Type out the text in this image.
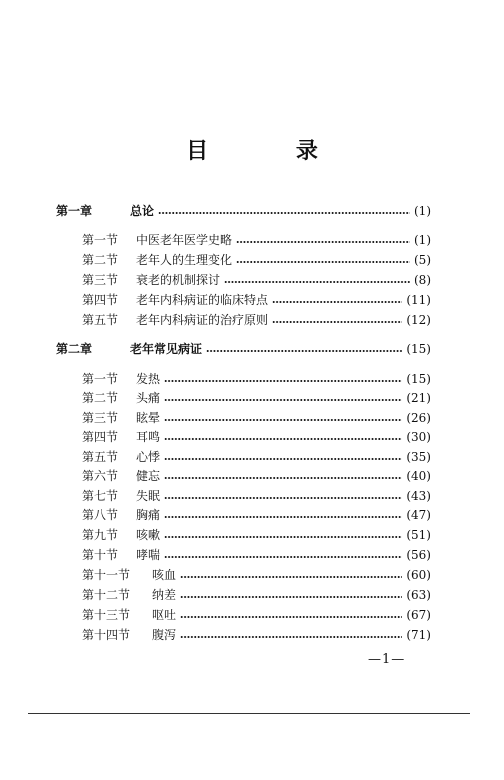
目 录
第一章	总论	(1)
第一节	中医老年医学史略	(1)
第二节	老年人的生理变化	(5)
第三节	衰老的机制探讨	(8)
第四节	老年内科病证的临床特点	(11)
第五节	老年内科病证的治疗原则	(12)
第二章	老年常见病证	(15)
第一节	发热	(15)
第二节	头痛	(21)
第三节	眩晕	(26)
第四节	耳鸣	(30)
第五节	心悸	(35)
第六节	健忘	(40)
第七节	失眠	(43)
第八节	胸痛	(47)
第九节	咳嗽	(51)
第十节	哮喘	(56)
第十一节	咳血	(60)
第十二节	纳差	(63)
第十三节	呕吐	(67)
第十四节	腹泻	(71)
—1—
